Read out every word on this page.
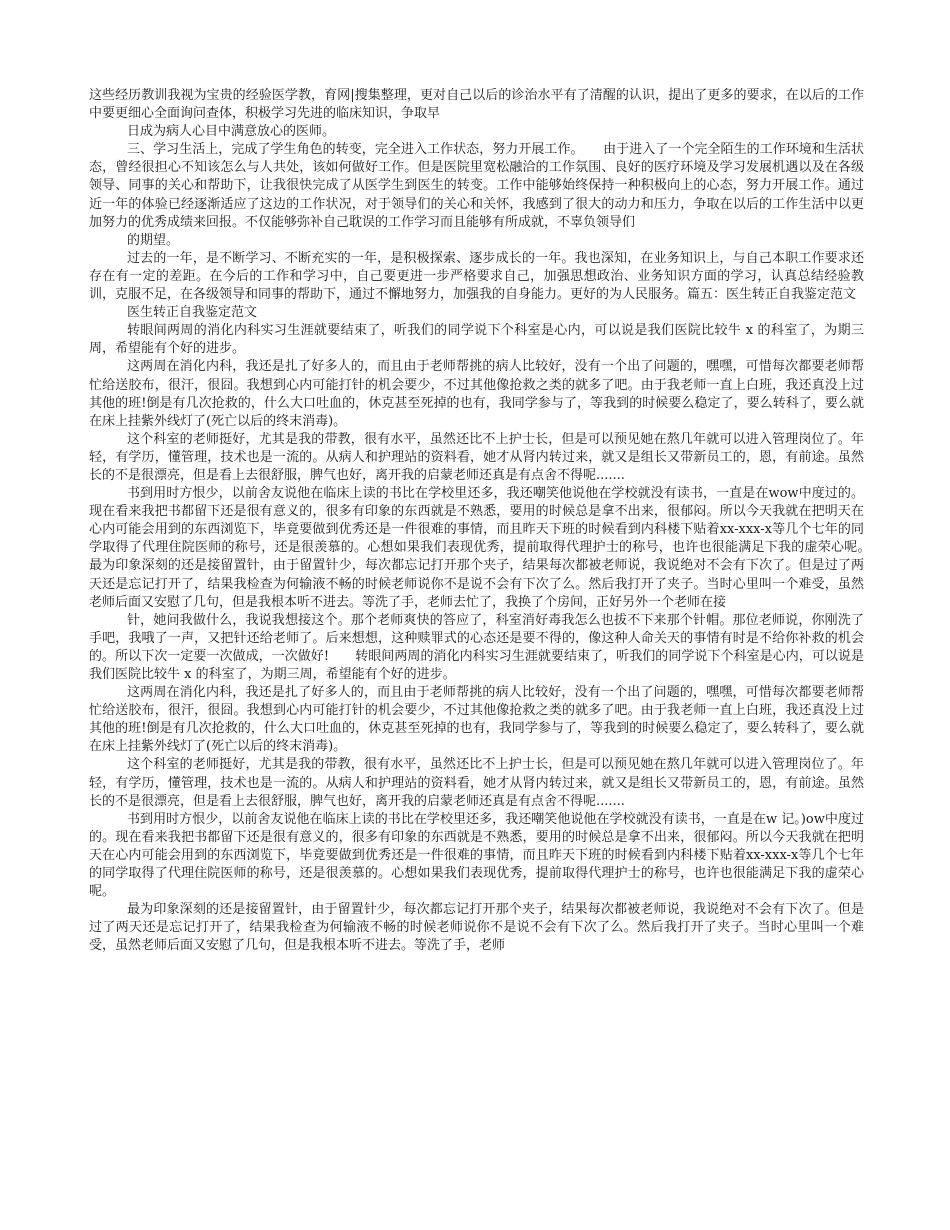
这些经历教训我视为宝贵的经验医学教，育网|搜集整理，更对自己以后的诊治水平有了清醒的认识，提出了更多的要求，在以后的工作中要更细心全面询问查体，积极学习先进的临床知识，争取早

日成为病人心目中满意放心的医师。

三、学习生活上，完成了学生角色的转变，完全进入工作状态，努力开展工作。　　由于进入了一个完全陌生的工作环境和生活状态，曾经很担心不知该怎么与人共处，该如何做好工作。但是医院里宽松融洽的工作氛围、良好的医疗环境及学习发展机遇以及在各级领导、同事的关心和帮助下，让我很快完成了从医学生到医生的转变。工作中能够始终保持一种积极向上的心态，努力开展工作。通过近一年的体验已经逐渐适应了这边的工作状况，对于领导们的关心和关怀，我感到了很大的动力和压力，争取在以后的工作生活中以更加努力的优秀成绩来回报。不仅能够弥补自己耽误的工作学习而且能够有所成就，不辜负领导们

的期望。

过去的一年，是不断学习、不断充实的一年，是积极探索、逐步成长的一年。我也深知，在业务知识上，与自己本职工作要求还存在有一定的差距。在今后的工作和学习中，自己要更进一步严格要求自己，加强思想政治、业务知识方面的学习，认真总结经验教训，克服不足，在各级领导和同事的帮助下，通过不懈地努力，加强我的自身能力。更好的为人民服务。篇五：医生转正自我鉴定范文

医生转正自我鉴定范文

转眼间两周的消化内科实习生涯就要结束了，听我们的同学说下个科室是心内，可以说是我们医院比较牛 x 的科室了，为期三周，希望能有个好的进步。

这两周在消化内科，我还是扎了好多人的，而且由于老师帮挑的病人比较好，没有一个出了问题的，嘿嘿，可惜每次都要老师帮忙给送胶布，很汗，很囧。我想到心内可能打针的机会要少，不过其他像抢救之类的就多了吧。由于我老师一直上白班，我还真没上过其他的班!倒是有几次抢救的，什么大口吐血的，休克甚至死掉的也有，我同学参与了，等我到的时候要么稳定了，要么转科了，要么就在床上挂紫外线灯了(死亡以后的终末消毒)。

这个科室的老师挺好，尤其是我的带教，很有水平，虽然还比不上护士长，但是可以预见她在熬几年就可以进入管理岗位了。年轻，有学历，懂管理，技术也是一流的。从病人和护理站的资料看，她才从肾内转过来，就又是组长又带新员工的，恩，有前途。虽然长的不是很漂亮，但是看上去很舒服，脾气也好，离开我的启蒙老师还真是有点舍不得呢.......

书到用时方恨少，以前舍友说他在临床上读的书比在学校里还多，我还嘲笑他说他在学校就没有读书，一直是在wow中度过的。现在看来我把书都留下还是很有意义的，很多有印象的东西就是不熟悉，要用的时候总是拿不出来，很郁闷。所以今天我就在把明天在心内可能会用到的东西浏览下，毕竟要做到优秀还是一件很难的事情，而且昨天下班的时候看到内科楼下贴着xx-xxx-x等几个七年的同学取得了代理住院医师的称号，还是很羡慕的。心想如果我们表现优秀，提前取得代理护士的称号，也许也很能满足下我的虚荣心呢。　　最为印象深刻的还是接留置针，由于留置针少，每次都忘记打开那个夹子，结果每次都被老师说，我说绝对不会有下次了。但是过了两天还是忘记打开了，结果我检查为何输液不畅的时候老师说你不是说不会有下次了么。然后我打开了夹子。当时心里叫一个难受，虽然老师后面又安慰了几句，但是我根本听不进去。等洗了手，老师去忙了，我换了个房间，正好另外一个老师在接

针，她问我做什么，我说我想接这个。那个老师爽快的答应了，科室消好毒我怎么也拔不下来那个针帽。那位老师说，你刚洗了手吧，我哦了一声，又把针还给老师了。后来想想，这种赎罪式的心态还是要不得的，像这种人命关天的事情有时是不给你补救的机会的。所以下次一定要一次做成，一次做好!　　转眼间两周的消化内科实习生涯就要结束了，听我们的同学说下个科室是心内，可以说是我们医院比较牛 x 的科室了，为期三周，希望能有个好的进步。

这两周在消化内科，我还是扎了好多人的，而且由于老师帮挑的病人比较好，没有一个出了问题的，嘿嘿，可惜每次都要老师帮忙给送胶布，很汗，很囧。我想到心内可能打针的机会要少，不过其他像抢救之类的就多了吧。由于我老师一直上白班，我还真没上过其他的班!倒是有几次抢救的，什么大口吐血的，休克甚至死掉的也有，我同学参与了，等我到的时候要么稳定了，要么转科了，要么就在床上挂紫外线灯了(死亡以后的终末消毒)。

这个科室的老师挺好，尤其是我的带教，很有水平，虽然还比不上护士长，但是可以预见她在熬几年就可以进入管理岗位了。年轻，有学历，懂管理，技术也是一流的。从病人和护理站的资料看，她才从肾内转过来，就又是组长又带新员工的，恩，有前途。虽然长的不是很漂亮，但是看上去很舒服，脾气也好，离开我的启蒙老师还真是有点舍不得呢.......

书到用时方恨少，以前舍友说他在临床上读的书比在学校里还多，我还嘲笑他说他在学校就没有读书，一直是在w 记。)ow中度过的。现在看来我把书都留下还是很有意义的，很多有印象的东西就是不熟悉，要用的时候总是拿不出来，很郁闷。所以今天我就在把明天在心内可能会用到的东西浏览下，毕竟要做到优秀还是一件很难的事情，而且昨天下班的时候看到内科楼下贴着xx-xxx-x等几个七年的同学取得了代理住院医师的称号，还是很羡慕的。心想如果我们表现优秀，提前取得代理护士的称号，也许也很能满足下我的虚荣心呢。

最为印象深刻的还是接留置针，由于留置针少，每次都忘记打开那个夹子，结果每次都被老师说，我说绝对不会有下次了。但是过了两天还是忘记打开了，结果我检查为何输液不畅的时候老师说你不是说不会有下次了么。然后我打开了夹子。当时心里叫一个难受，虽然老师后面又安慰了几句，但是我根本听不进去。等洗了手，老师
